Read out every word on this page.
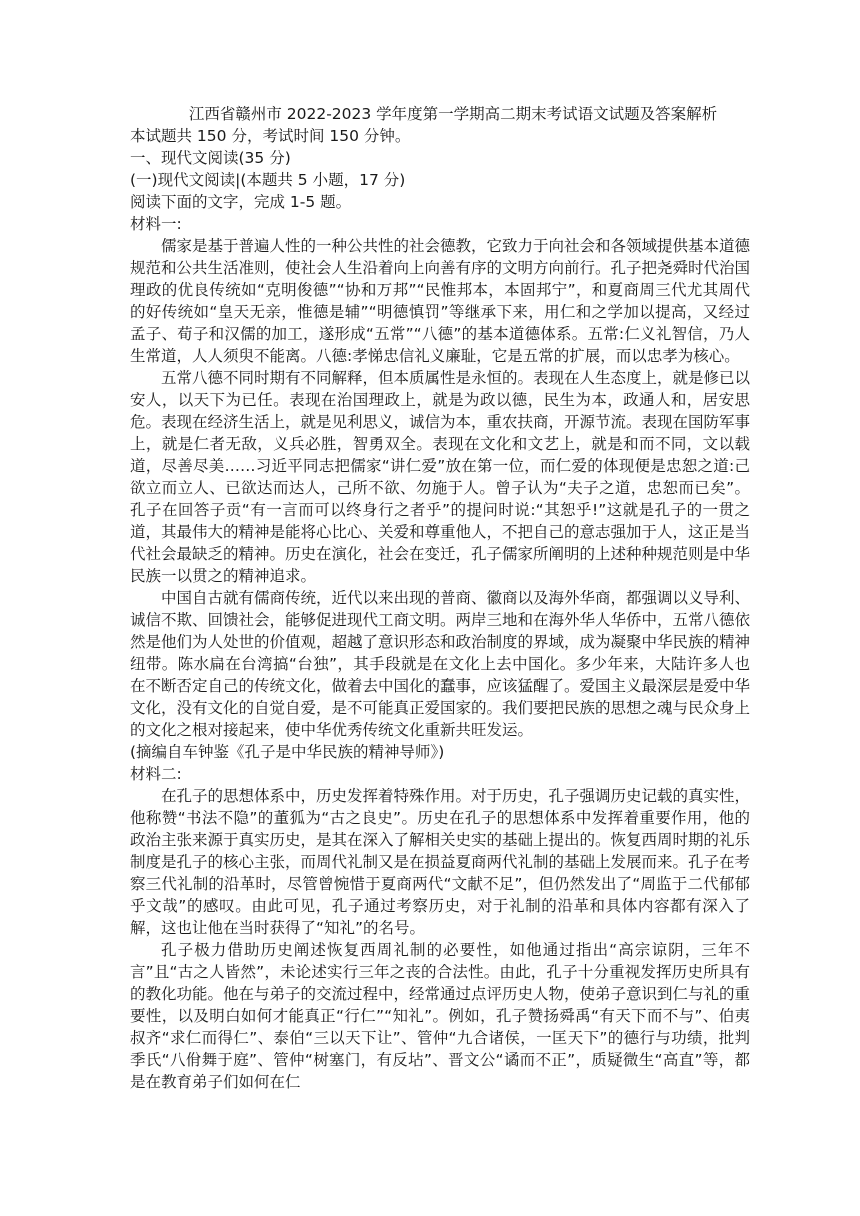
江西省赣州市 2022-2023 学年度第一学期高二期末考试语文试题及答案解析

本试题共 150 分，考试时间 150 分钟。

一、现代文阅读(35 分)

(一)现代文阅读|(本题共 5 小题，17 分)

阅读下面的文字，完成 1-5 题。

材料一:

儒家是基于普遍人性的一种公共性的社会德教，它致力于向社会和各领域提供基本道德规范和公共生活准则，使社会人生沿着向上向善有序的文明方向前行。孔子把尧舜时代治国理政的优良传统如“克明俊德”“协和万邦”“民惟邦本，本固邦宁”，和夏商周三代尤其周代的好传统如“皇天无亲，惟德是辅”“明德慎罚”等继承下来，用仁和之学加以提高，又经过孟子、荀子和汉儒的加工，遂形成“五常”“八德”的基本道德体系。五常:仁义礼智信，乃人生常道，人人须臾不能离。八德:孝悌忠信礼义廉耻，它是五常的扩展，而以忠孝为核心。

五常八德不同时期有不同解释，但本质属性是永恒的。表现在人生态度上，就是修已以安人，以天下为已任。表现在治国理政上，就是为政以德，民生为本，政通人和，居安思危。表现在经济生活上，就是见利思义，诚信为本，重农扶商，开源节流。表现在国防军事上，就是仁者无敌，义兵必胜，智勇双全。表现在文化和文艺上，就是和而不同，文以载道，尽善尽美……习近平同志把儒家“讲仁爱”放在第一位，而仁爱的体现便是忠恕之道:己欲立而立人、已欲达而达人，己所不欲、勿施于人。曾子认为“夫子之道，忠恕而已矣”。孔子在回答子贡“有一言而可以终身行之者乎”的提问时说:“其恕乎!”这就是孔子的一贯之道，其最伟大的精神是能将心比心、关爱和尊重他人，不把自己的意志强加于人，这正是当代社会最缺乏的精神。历史在演化，社会在变迁，孔子儒家所阐明的上述种种规范则是中华民族一以贯之的精神追求。

中国自古就有儒商传统，近代以来出现的普商、徽商以及海外华商，都强调以义导利、诚信不欺、回馈社会，能够促进现代工商文明。两岸三地和在海外华人华侨中，五常八德依然是他们为人处世的价值观，超越了意识形态和政治制度的界域，成为凝聚中华民族的精神纽带。陈水扁在台湾搞“台独”，其手段就是在文化上去中国化。多少年来，大陆许多人也在不断否定自己的传统文化，做着去中国化的蠢事，应该猛醒了。爱国主义最深层是爱中华文化，没有文化的自觉自爱，是不可能真正爱国家的。我们要把民族的思想之魂与民众身上的文化之根对接起来，使中华优秀传统文化重新共旺发运。

(摘编自车钟鉴《孔子是中华民族的精神导师》)

材料二:

在孔子的思想体系中，历史发挥着特殊作用。对于历史，孔子强调历史记载的真实性，他称赞“书法不隐”的董狐为“古之良史”。历史在孔子的思想体系中发挥着重要作用，他的政治主张来源于真实历史，是其在深入了解相关史实的基础上提出的。恢复西周时期的礼乐制度是孔子的核心主张，而周代礼制又是在损益夏商两代礼制的基础上发展而来。孔子在考察三代礼制的沿革时，尽管曾惋惜于夏商两代“文献不足”，但仍然发出了“周监于二代郁郁乎文哉”的感叹。由此可见，孔子通过考察历史，对于礼制的沿革和具体内容都有深入了解，这也让他在当时获得了“知礼”的名号。

孔子极力借助历史阐述恢复西周礼制的必要性，如他通过指出“高宗谅阴，三年不言”且“古之人皆然”，未论述实行三年之丧的合法性。由此，孔子十分重视发挥历史所具有的教化功能。他在与弟子的交流过程中，经常通过点评历史人物，使弟子意识到仁与礼的重要性，以及明白如何才能真正“行仁”“知礼”。例如，孔子赞扬舜禹“有天下而不与”、伯夷叔齐“求仁而得仁”、泰伯“三以天下让”、管仲“九合诸侯，一匡天下”的德行与功绩，批判季氏“八佾舞于庭”、管仲“树塞门，有反坫”、晋文公“谲而不正”，质疑微生“高直”等，都是在教育弟子们如何在仁
